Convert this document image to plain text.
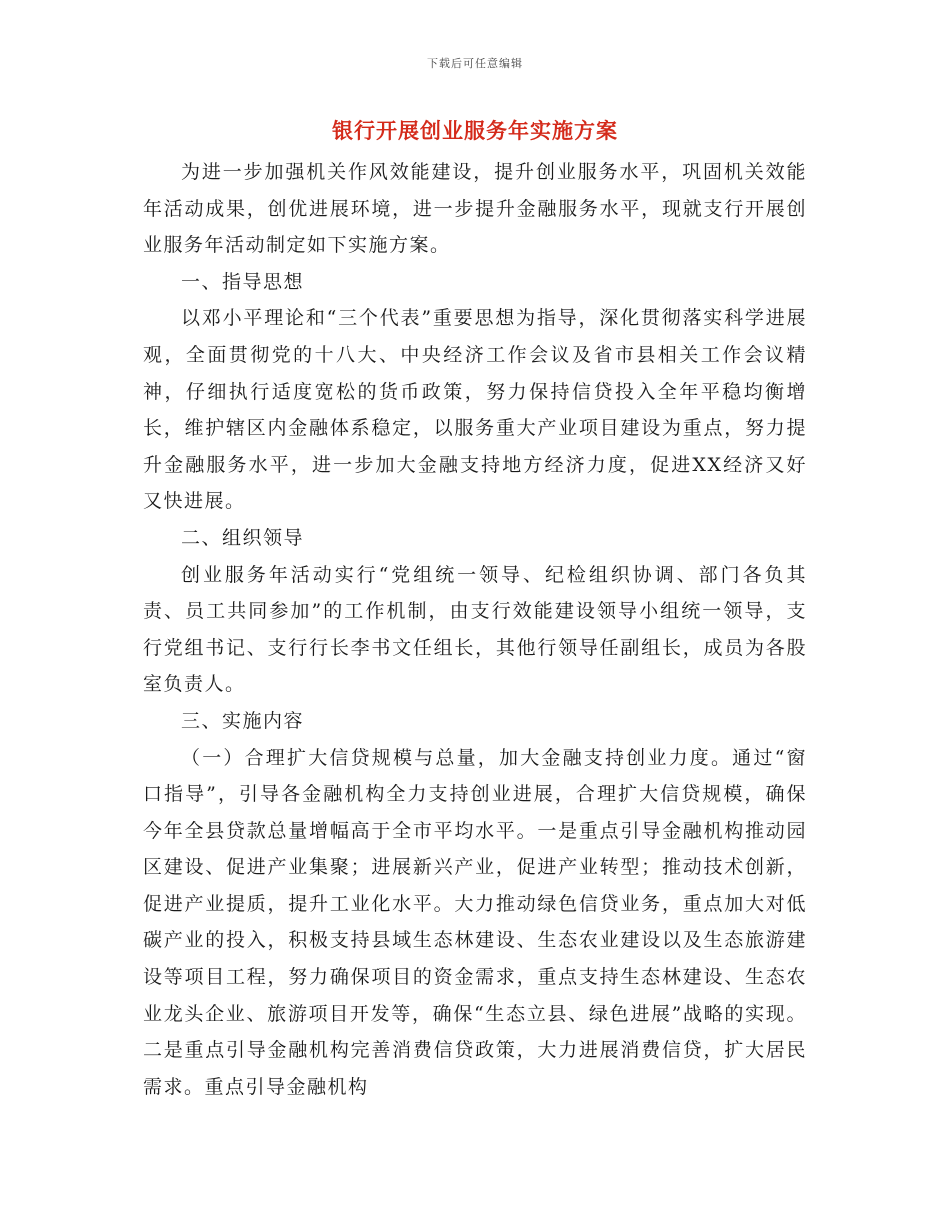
下载后可任意编辑
银行开展创业服务年实施方案

为进一步加强机关作风效能建设，提升创业服务水平，巩固机关效能年活动成果，创优进展环境，进一步提升金融服务水平，现就支行开展创业服务年活动制定如下实施方案。

一、指导思想

以邓小平理论和“三个代表”重要思想为指导，深化贯彻落实科学进展观，全面贯彻党的十八大、中央经济工作会议及省市县相关工作会议精神，仔细执行适度宽松的货币政策，努力保持信贷投入全年平稳均衡增长，维护辖区内金融体系稳定，以服务重大产业项目建设为重点，努力提升金融服务水平，进一步加大金融支持地方经济力度，促进XX经济又好又快进展。

二、组织领导

创业服务年活动实行“党组统一领导、纪检组织协调、部门各负其责、员工共同参加”的工作机制，由支行效能建设领导小组统一领导，支行党组书记、支行行长李书文任组长，其他行领导任副组长，成员为各股室负责人。

三、实施内容

（一）合理扩大信贷规模与总量，加大金融支持创业力度。通过“窗口指导”，引导各金融机构全力支持创业进展，合理扩大信贷规模，确保今年全县贷款总量增幅高于全市平均水平。一是重点引导金融机构推动园区建设、促进产业集聚；进展新兴产业，促进产业转型；推动技术创新，促进产业提质，提升工业化水平。大力推动绿色信贷业务，重点加大对低碳产业的投入，积极支持县域生态林建设、生态农业建设以及生态旅游建设等项目工程，努力确保项目的资金需求，重点支持生态林建设、生态农业龙头企业、旅游项目开发等，确保“生态立县、绿色进展”战略的实现。二是重点引导金融机构完善消费信贷政策，大力进展消费信贷，扩大居民需求。重点引导金融机构
